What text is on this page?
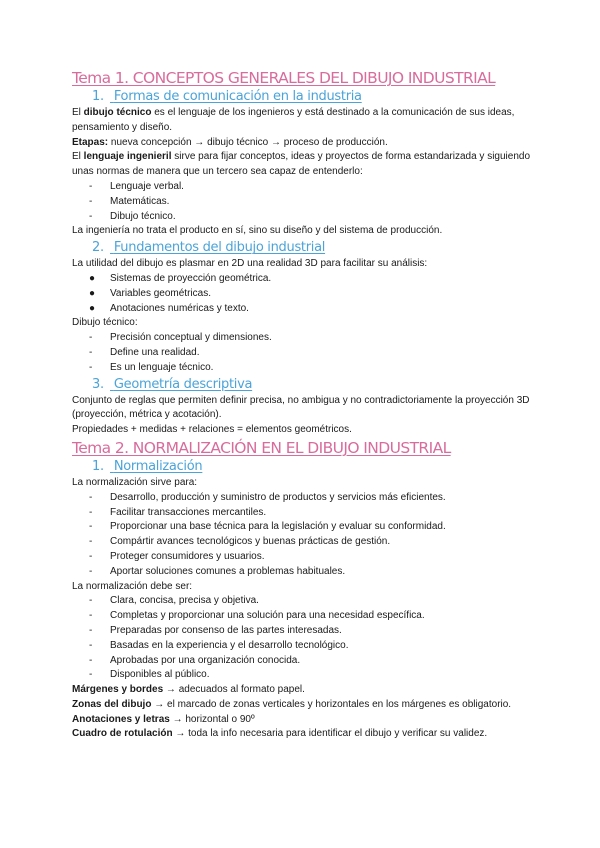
Tema 1. CONCEPTOS GENERALES DEL DIBUJO INDUSTRIAL
1. Formas de comunicación en la industria

El dibujo técnico es el lenguaje de los ingenieros y está destinado a la comunicación de sus ideas, pensamiento y diseño.

Etapas: nueva concepción → dibujo técnico → proceso de producción.

El lenguaje ingenieril sirve para fijar conceptos, ideas y proyectos de forma estandarizada y siguiendo unas normas de manera que un tercero sea capaz de entenderlo:

- Lenguaje verbal.
- Matemáticas.
- Dibujo técnico.

La ingeniería no trata el producto en sí, sino su diseño y del sistema de producción.

2. Fundamentos del dibujo industrial

La utilidad del dibujo es plasmar en 2D una realidad 3D para facilitar su análisis:

● Sistemas de proyección geométrica.
● Variables geométricas.
● Anotaciones numéricas y texto.

Dibujo técnico:

- Precisión conceptual y dimensiones.
- Define una realidad.
- Es un lenguaje técnico.
3. Geometría descriptiva

Conjunto de reglas que permiten definir precisa, no ambigua y no contradictoriamente la proyección 3D (proyección, métrica y acotación).

Propiedades + medidas + relaciones = elementos geométricos.

Tema 2. NORMALIZACIÓN EN EL DIBUJO INDUSTRIAL
1. Normalización

La normalización sirve para:

- Desarrollo, producción y suministro de productos y servicios más eficientes.
- Facilitar transacciones mercantiles.
- Proporcionar una base técnica para la legislación y evaluar su conformidad.
- Compártir avances tecnológicos y buenas prácticas de gestión.
- Proteger consumidores y usuarios.
- Aportar soluciones comunes a problemas habituales.

La normalización debe ser:

- Clara, concisa, precisa y objetiva.
- Completas y proporcionar una solución para una necesidad específica.
- Preparadas por consenso de las partes interesadas.
- Basadas en la experiencia y el desarrollo tecnológico.
- Aprobadas por una organización conocida.
- Disponibles al público.

Márgenes y bordes → adecuados al formato papel.

Zonas del dibujo → el marcado de zonas verticales y horizontales en los márgenes es obligatorio.

Anotaciones y letras → horizontal o 90º

Cuadro de rotulación → toda la info necesaria para identificar el dibujo y verificar su validez.
